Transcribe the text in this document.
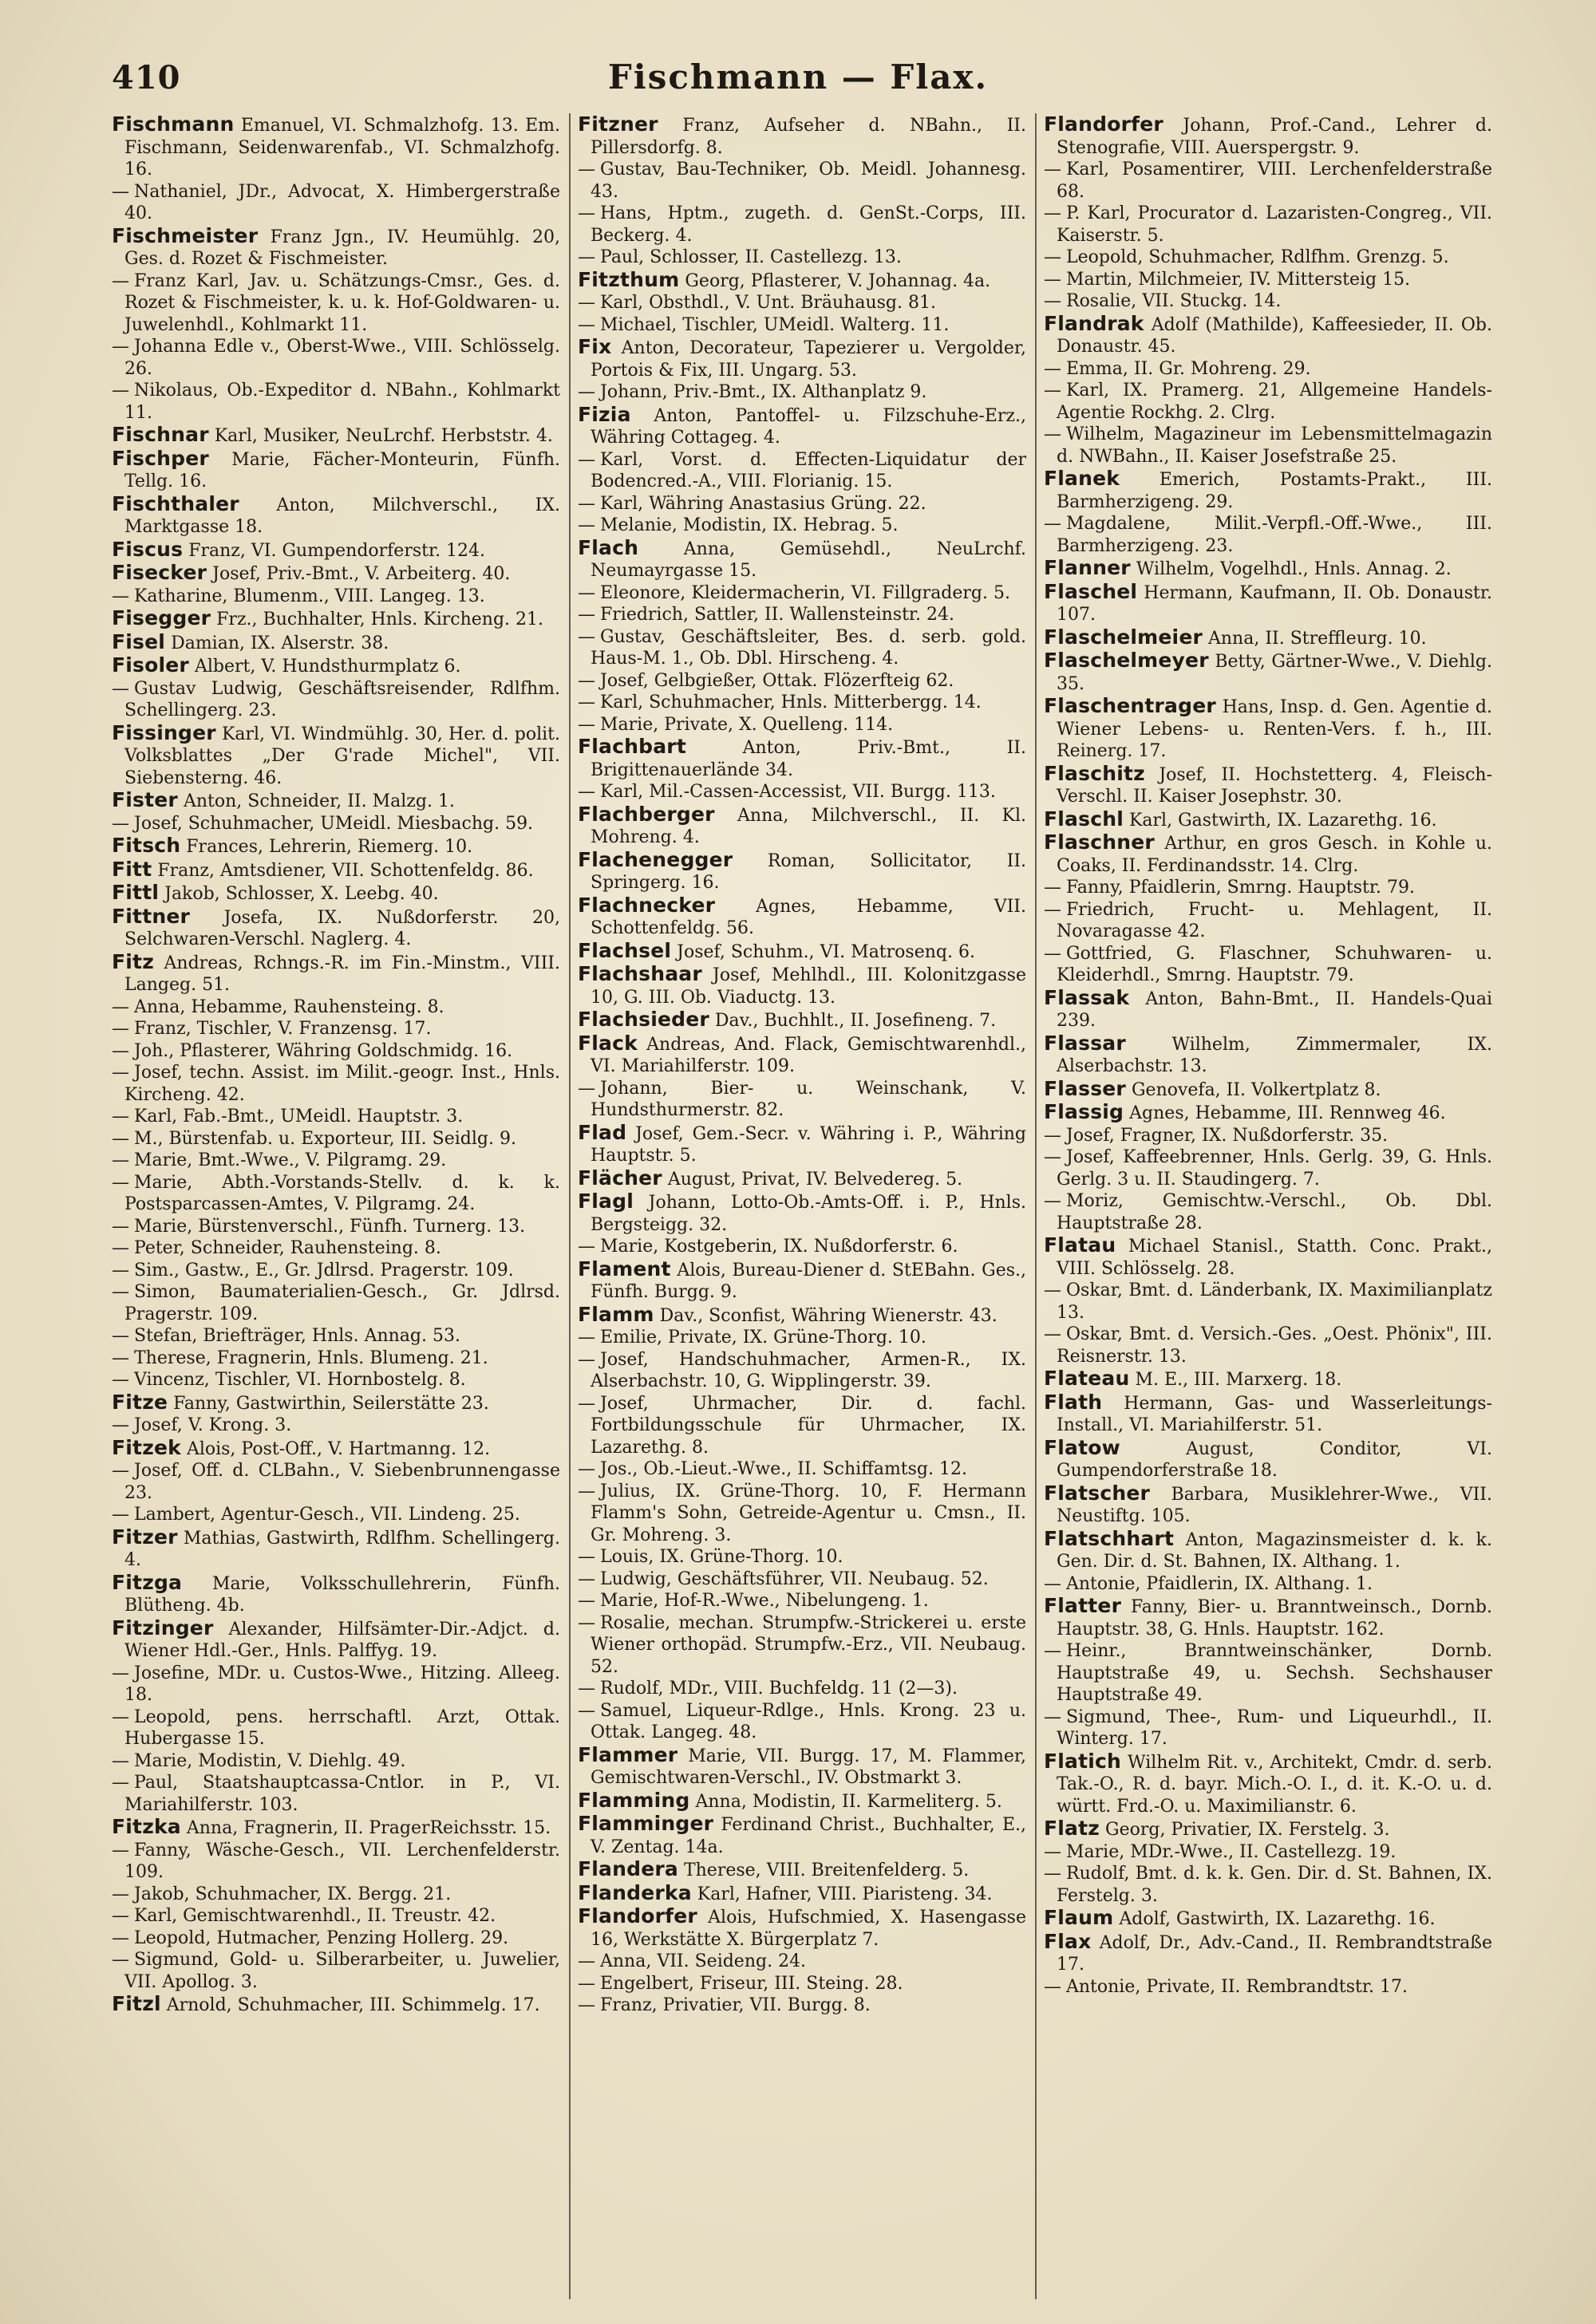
410	Fischmann — Flax.

Fischmann Emanuel, VI. Schmalzhofg. 13. Em. Fischmann, Seidenwarenfab., VI. Schmalzhofg. 16.

— Nathaniel, JDr., Advocat, X. Himbergerstraße 40.

Fischmeister Franz Jgn., IV. Heumühlg. 20, Ges. d. Rozet & Fischmeister.

— Franz Karl, Jav. u. Schätzungs-Cmsr., Ges. d. Rozet & Fischmeister, k. u. k. Hof-Goldwaren- u. Juwelenhdl., Kohlmarkt 11.

— Johanna Edle v., Oberst-Wwe., VIII. Schlösselg. 26.

— Nikolaus, Ob.-Expeditor d. NBahn., Kohlmarkt 11.

Fischnar Karl, Musiker, NeuLrchf. Herbststr. 4.

Fischper Marie, Fächer-Monteurin, Fünfh. Tellg. 16.

Fischthaler Anton, Milchverschl., IX. Marktgasse 18.

Fiscus Franz, VI. Gumpendorferstr. 124.

Fisecker Josef, Priv.-Bmt., V. Arbeiterg. 40.

— Katharine, Blumenm., VIII. Langeg. 13.

Fisegger Frz., Buchhalter, Hnls. Kircheng. 21.

Fisel Damian, IX. Alserstr. 38.

Fisoler Albert, V. Hundsthurmplatz 6.

— Gustav Ludwig, Geschäftsreisender, Rdlfhm. Schellingerg. 23.

Fissinger Karl, VI. Windmühlg. 30, Her. d. polit. Volksblattes „Der G'rade Michel", VII. Siebensterng. 46.

Fister Anton, Schneider, II. Malzg. 1.

— Josef, Schuhmacher, UMeidl. Miesbachg. 59.

Fitsch Frances, Lehrerin, Riemerg. 10.

Fitt Franz, Amtsdiener, VII. Schottenfeldg. 86.

Fittl Jakob, Schlosser, X. Leebg. 40.

Fittner Josefa, IX. Nußdorferstr. 20, Selchwaren-Verschl. Naglerg. 4.

Fitz Andreas, Rchngs.-R. im Fin.-Minstm., VIII. Langeg. 51.

— Anna, Hebamme, Rauhensteing. 8.

— Franz, Tischler, V. Franzensg. 17.

— Joh., Pflasterer, Währing Goldschmidg. 16.

— Josef, techn. Assist. im Milit.-geogr. Inst., Hnls. Kircheng. 42.

— Karl, Fab.-Bmt., UMeidl. Hauptstr. 3.

— M., Bürstenfab. u. Exporteur, III. Seidlg. 9.

— Marie, Bmt.-Wwe., V. Pilgramg. 29.

— Marie, Abth.-Vorstands-Stellv. d. k. k. Postsparcassen-Amtes, V. Pilgramg. 24.

— Marie, Bürstenverschl., Fünfh. Turnerg. 13.

— Peter, Schneider, Rauhensteing. 8.

— Sim., Gastw., E., Gr. Jdlrsd. Pragerstr. 109.

— Simon, Baumaterialien-Gesch., Gr. Jdlrsd. Pragerstr. 109.

— Stefan, Briefträger, Hnls. Annag. 53.

— Therese, Fragnerin, Hnls. Blumeng. 21.

— Vincenz, Tischler, VI. Hornbostelg. 8.

Fitze Fanny, Gastwirthin, Seilerstätte 23.

— Josef, V. Krong. 3.

Fitzek Alois, Post-Off., V. Hartmanng. 12.

— Josef, Off. d. CLBahn., V. Siebenbrunnengasse 23.

— Lambert, Agentur-Gesch., VII. Lindeng. 25.

Fitzer Mathias, Gastwirth, Rdlfhm. Schellingerg. 4.

Fitzga Marie, Volksschullehrerin, Fünfh. Blütheng. 4b.

Fitzinger Alexander, Hilfsämter-Dir.-Adjct. d. Wiener Hdl.-Ger., Hnls. Palffyg. 19.

— Josefine, MDr. u. Custos-Wwe., Hitzing. Alleeg. 18.

— Leopold, pens. herrschaftl. Arzt, Ottak. Hubergasse 15.

— Marie, Modistin, V. Diehlg. 49.

— Paul, Staatshauptcassa-Cntlor. in P., VI. Mariahilferstr. 103.

Fitzka Anna, Fragnerin, II. PragerReichsstr. 15.

— Fanny, Wäsche-Gesch., VII. Lerchenfelderstr. 109.

— Jakob, Schuhmacher, IX. Bergg. 21.

— Karl, Gemischtwarenhdl., II. Treustr. 42.

— Leopold, Hutmacher, Penzing Hollerg. 29.

— Sigmund, Gold- u. Silberarbeiter, u. Juwelier, VII. Apollog. 3.

Fitzl Arnold, Schuhmacher, III. Schimmelg. 17.

Fitzner Franz, Aufseher d. NBahn., II. Pillersdorfg. 8.

— Gustav, Bau-Techniker, Ob. Meidl. Johannesg. 43.

— Hans, Hptm., zugeth. d. GenSt.-Corps, III. Beckerg. 4.

— Paul, Schlosser, II. Castellezg. 13.

Fitzthum Georg, Pflasterer, V. Johannag. 4a.

— Karl, Obsthdl., V. Unt. Bräuhausg. 81.

— Michael, Tischler, UMeidl. Walterg. 11.

Fix Anton, Decorateur, Tapezierer u. Vergolder, Portois & Fix, III. Ungarg. 53.

— Johann, Priv.-Bmt., IX. Althanplatz 9.

Fizia Anton, Pantoffel- u. Filzschuhe-Erz., Währing Cottageg. 4.

— Karl, Vorst. d. Effecten-Liquidatur der Bodencred.-A., VIII. Florianig. 15.

— Karl, Währing Anastasius Grüng. 22.

— Melanie, Modistin, IX. Hebrag. 5.

Flach	Anna, Gemüsehdl., NeuLrchf. Neumayrgasse 15.

— Eleonore, Kleidermacherin, VI. Fillgraderg. 5.

— Friedrich, Sattler, II. Wallensteinstr. 24.

— Gustav, Geschäftsleiter, Bes. d. serb. gold. Haus-M. 1., Ob. Dbl. Hirscheng. 4.

— Josef, Gelbgießer, Ottak. Flözerfteig 62.

— Karl, Schuhmacher, Hnls. Mitterbergg. 14.

— Marie, Private, X. Quelleng. 114.

Flachbart	Anton, Priv.-Bmt., II. Brigittenauerlände 34.

— Karl, Mil.-Cassen-Accessist, VII. Burgg. 113.

Flachberger Anna, Milchverschl., II. Kl. Mohreng. 4.

Flachenegger Roman, Sollicitator, II. Springerg. 16.

Flachnecker Agnes, Hebamme, VII. Schottenfeldg. 56.

Flachsel Josef, Schuhm., VI. Matrosenq. 6.

Flachshaar Josef, Mehlhdl., III. Kolonitzgasse 10, G. III. Ob. Viaductg. 13.

Flachsieder Dav., Buchhlt., II. Josefineng. 7.

Flack Andreas, And. Flack, Gemischtwarenhdl., VI. Mariahilferstr. 109.

— Johann, Bier- u. Weinschank, V. Hundsthurmerstr. 82.

Flad Josef, Gem.-Secr. v. Währing i. P., Währing Hauptstr. 5.

Flächer August, Privat, IV. Belvedereg. 5.

Flagl Johann, Lotto-Ob.-Amts-Off. i. P., Hnls. Bergsteigg. 32.

— Marie, Kostgeberin, IX. Nußdorferstr. 6.

Flament Alois, Bureau-Diener d. StEBahn. Ges., Fünfh. Burgg. 9.

Flamm Dav., Sconfist, Währing Wienerstr. 43.

— Emilie, Private, IX. Grüne-Thorg. 10.

— Josef, Handschuhmacher, Armen-R., IX. Alserbachstr. 10, G. Wipplingerstr. 39.

— Josef, Uhrmacher, Dir. d. fachl. Fortbildungsschule für Uhrmacher, IX. Lazarethg. 8.

— Jos., Ob.-Lieut.-Wwe., II. Schiffamtsg. 12.

— Julius, IX. Grüne-Thorg. 10, F. Hermann Flamm's Sohn, Getreide-Agentur u. Cmsn., II. Gr. Mohreng. 3.

— Louis, IX. Grüne-Thorg. 10.

— Ludwig, Geschäftsführer, VII. Neubaug. 52.

— Marie, Hof-R.-Wwe., Nibelungeng. 1.

— Rosalie, mechan. Strumpfw.-Strickerei u. erste Wiener orthopäd. Strumpfw.-Erz., VII. Neubaug. 52.

— Rudolf, MDr., VIII. Buchfeldg. 11 (2—3).

— Samuel, Liqueur-Rdlge., Hnls. Krong. 23 u. Ottak. Langeg. 48.

Flammer Marie, VII. Burgg. 17, M. Flammer, Gemischtwaren-Verschl., IV. Obstmarkt 3.

Flamming Anna, Modistin, II. Karmeliterg. 5.

Flamminger Ferdinand Christ., Buchhalter, E., V. Zentag. 14a.

Flandera Therese, VIII. Breitenfelderg. 5.

Flanderka Karl, Hafner, VIII. Piaristeng. 34.

Flandorfer Alois, Hufschmied, X. Hasengasse 16, Werkstätte X. Bürgerplatz 7.

— Anna, VII. Seideng. 24.

— Engelbert, Friseur, III. Steing. 28.

— Franz, Privatier, VII. Burgg. 8.

Flandorfer Johann, Prof.-Cand., Lehrer d. Stenografie, VIII. Auerspergstr. 9.

— Karl, Posamentirer, VIII. Lerchenfelderstraße 68.

— P. Karl, Procurator d. Lazaristen-Congreg., VII. Kaiserstr. 5.

— Leopold, Schuhmacher, Rdlfhm. Grenzg. 5.

— Martin, Milchmeier, IV. Mittersteig 15.

— Rosalie, VII. Stuckg. 14.

Flandrak Adolf (Mathilde), Kaffeesieder, II. Ob. Donaustr. 45.

— Emma, II. Gr. Mohreng. 29.

— Karl, IX. Pramerg. 21, Allgemeine Handels-Agentie Rockhg. 2. Clrg.

— Wilhelm, Magazineur im Lebensmittelmagazin d. NWBahn., II. Kaiser Josefstraße 25.

Flanek Emerich, Postamts-Prakt., III. Barmherzigeng. 29.

— Magdalene, Milit.-Verpfl.-Off.-Wwe., III. Barmherzigeng. 23.

Flanner Wilhelm, Vogelhdl., Hnls. Annag. 2.

Flaschel Hermann, Kaufmann, II. Ob. Donaustr. 107.

Flaschelmeier Anna, II. Streffleurg. 10.

Flaschelmeyer Betty, Gärtner-Wwe., V. Diehlg. 35.

Flaschentrager Hans, Insp. d. Gen. Agentie d. Wiener Lebens- u. Renten-Vers. f. h., III. Reinerg. 17.

Flaschitz Josef, II. Hochstetterg. 4, Fleisch-Verschl. II. Kaiser Josephstr. 30.

Flaschl Karl, Gastwirth, IX. Lazarethg. 16.

Flaschner Arthur, en gros Gesch. in Kohle u. Coaks, II. Ferdinandsstr. 14. Clrg.

— Fanny, Pfaidlerin, Smrng. Hauptstr. 79.

— Friedrich, Frucht- u. Mehlagent, II. Novaragasse 42.

— Gottfried, G. Flaschner, Schuhwaren- u. Kleiderhdl., Smrng. Hauptstr. 79.

Flassak Anton, Bahn-Bmt., II. Handels-Quai 239.

Flassar	Wilhelm, Zimmermaler, IX. Alserbachstr. 13.

Flasser Genovefa, II. Volkertplatz 8.

Flassig Agnes, Hebamme, III. Rennweg 46.

— Josef, Fragner, IX. Nußdorferstr. 35.

— Josef, Kaffeebrenner, Hnls. Gerlg. 39, G. Hnls. Gerlg. 3 u. II. Staudingerg. 7.

— Moriz, Gemischtw.-Verschl., Ob. Dbl. Hauptstraße 28.

Flatau Michael Stanisl., Statth. Conc. Prakt., VIII. Schlösselg. 28.

— Oskar, Bmt. d. Länderbank, IX. Maximilianplatz 13.

— Oskar, Bmt. d. Versich.-Ges. „Oest. Phönix", III. Reisnerstr. 13.

Flateau M. E., III. Marxerg. 18.

Flath Hermann, Gas- und Wasserleitungs-Install., VI. Mariahilferstr. 51.

Flatow	August, Conditor, VI. Gumpendorferstraße 18.

Flatscher Barbara, Musiklehrer-Wwe., VII. Neustiftg. 105.

Flatschhart Anton, Magazinsmeister d. k. k. Gen. Dir. d. St. Bahnen, IX. Althang. 1.

— Antonie, Pfaidlerin, IX. Althang. 1.

Flatter Fanny, Bier- u. Branntweinsch., Dornb. Hauptstr. 38, G. Hnls. Hauptstr. 162.

— Heinr.,	Branntweinschänker, Dornb. Hauptstraße 49, u. Sechsh. Sechshauser Hauptstraße 49.

— Sigmund, Thee-, Rum- und Liqueurhdl., II. Winterg. 17.

Flatich Wilhelm Rit. v., Architekt, Cmdr. d. serb. Tak.-O., R. d. bayr. Mich.-O. I., d. it. K.-O. u. d. württ. Frd.-O. u. Maximilianstr. 6.

Flatz Georg, Privatier, IX. Ferstelg. 3.

— Marie, MDr.-Wwe., II. Castellezg. 19.

— Rudolf, Bmt. d. k. k. Gen. Dir. d. St. Bahnen, IX. Ferstelg. 3.

Flaum Adolf, Gastwirth, IX. Lazarethg. 16.

Flax Adolf, Dr., Adv.-Cand., II. Rembrandtstraße 17.

— Antonie, Private, II. Rembrandtstr. 17.
